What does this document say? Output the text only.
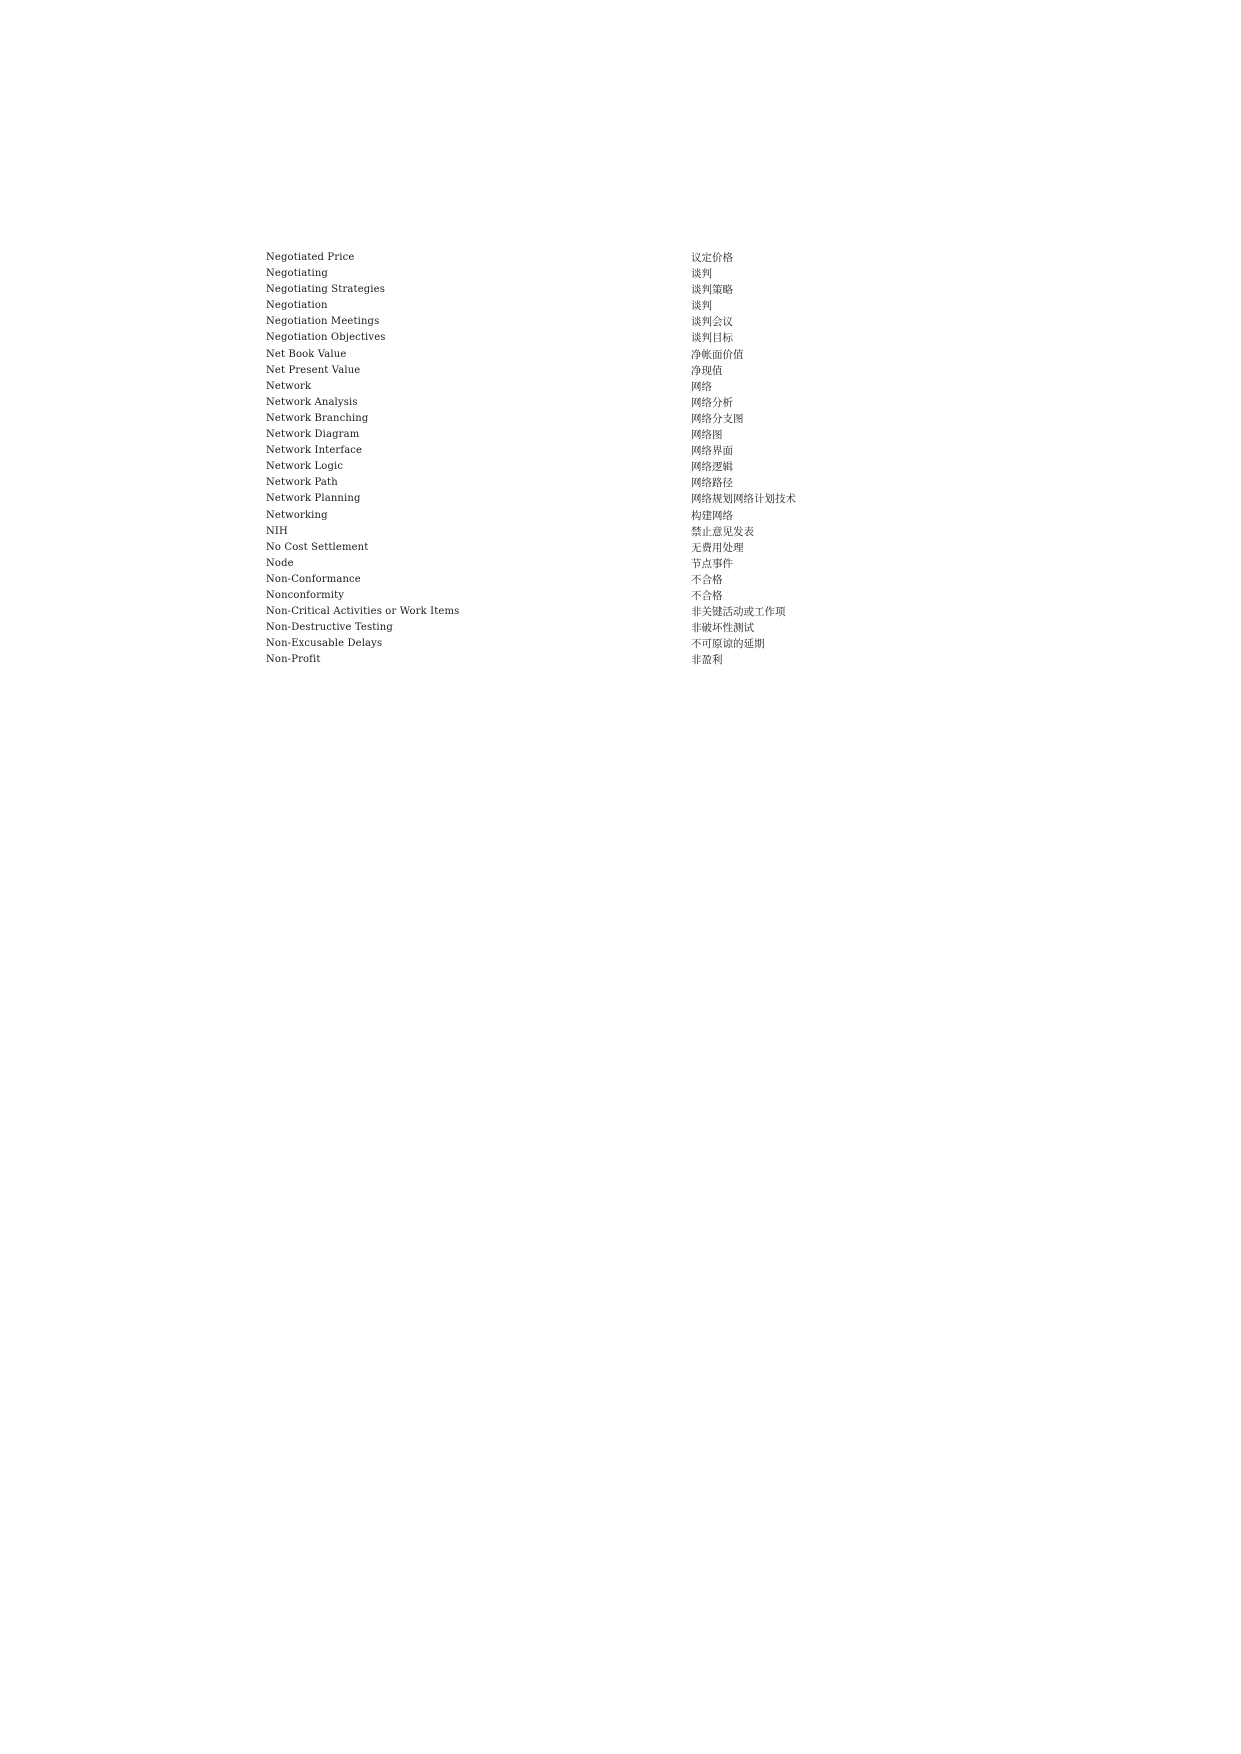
Negotiated Price	议定价格
Negotiating	谈判
Negotiating Strategies	谈判策略
Negotiation	谈判
Negotiation Meetings	谈判会议
Negotiation Objectives	谈判目标
Net Book Value	净帐面价值
Net Present Value	净现值
Network	网络
Network Analysis	网络分析
Network Branching	网络分支图
Network Diagram	网络图
Network Interface	网络界面
Network Logic	网络逻辑
Network Path	网络路径
Network Planning	网络规划网络计划技术
Networking	构建网络
NIH	禁止意见发表
No Cost Settlement	无费用处理
Node	节点事件
Non-Conformance	不合格
Nonconformity	不合格
Non-Critical Activities or Work Items	非关键活动或工作项
Non-Destructive Testing	非破坏性测试
Non-Excusable Delays	不可原谅的延期
Non-Profit	非盈利
